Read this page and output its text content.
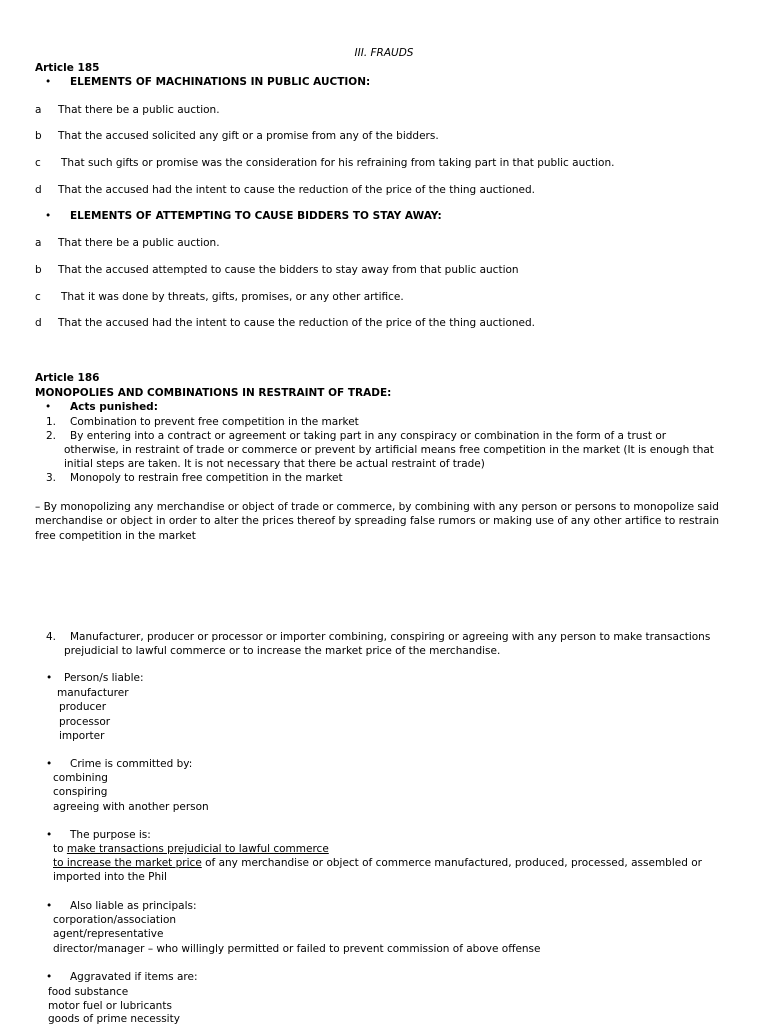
III. FRAUDS
Article 185
• ELEMENTS OF MACHINATIONS IN PUBLIC AUCTION:
a That there be a public auction.
b That the accused solicited any gift or a promise from any of the bidders.
c That such gifts or promise was the consideration for his refraining from taking part in that public auction.
d That the accused had the intent to cause the reduction of the price of the thing auctioned.
• ELEMENTS OF ATTEMPTING TO CAUSE BIDDERS TO STAY AWAY:
a That there be a public auction.
b That the accused attempted to cause the bidders to stay away from that public auction
c That it was done by threats, gifts, promises, or any other artifice.
d That the accused had the intent to cause the reduction of the price of the thing auctioned.
Article 186
MONOPOLIES AND COMBINATIONS IN RESTRAINT OF TRADE:
• Acts punished:
1. Combination to prevent free competition in the market
2. By entering into a contract or agreement or taking part in any conspiracy or combination in the form of a trust or
otherwise, in restraint of trade or commerce or prevent by artificial means free competition in the market (It is enough that
initial steps are taken. It is not necessary that there be actual restraint of trade)
3. Monopoly to restrain free competition in the market
– By monopolizing any merchandise or object of trade or commerce, by combining with any person or persons to monopolize said
merchandise or object in order to alter the prices thereof by spreading false rumors or making use of any other artifice to restrain
free competition in the market
4. Manufacturer, producer or processor or importer combining, conspiring or agreeing with any person to make transactions
prejudicial to lawful commerce or to increase the market price of the merchandise.
• Person/s liable:
manufacturer
producer
processor
importer
• Crime is committed by:
combining
conspiring
agreeing with another person
• The purpose is:
to make transactions prejudicial to lawful commerce
to increase the market price of any merchandise or object of commerce manufactured, produced, processed, assembled or
imported into the Phil
• Also liable as principals:
corporation/association
agent/representative
director/manager – who willingly permitted or failed to prevent commission of above offense
• Aggravated if items are:
food substance
motor fuel or lubricants
goods of prime necessity
